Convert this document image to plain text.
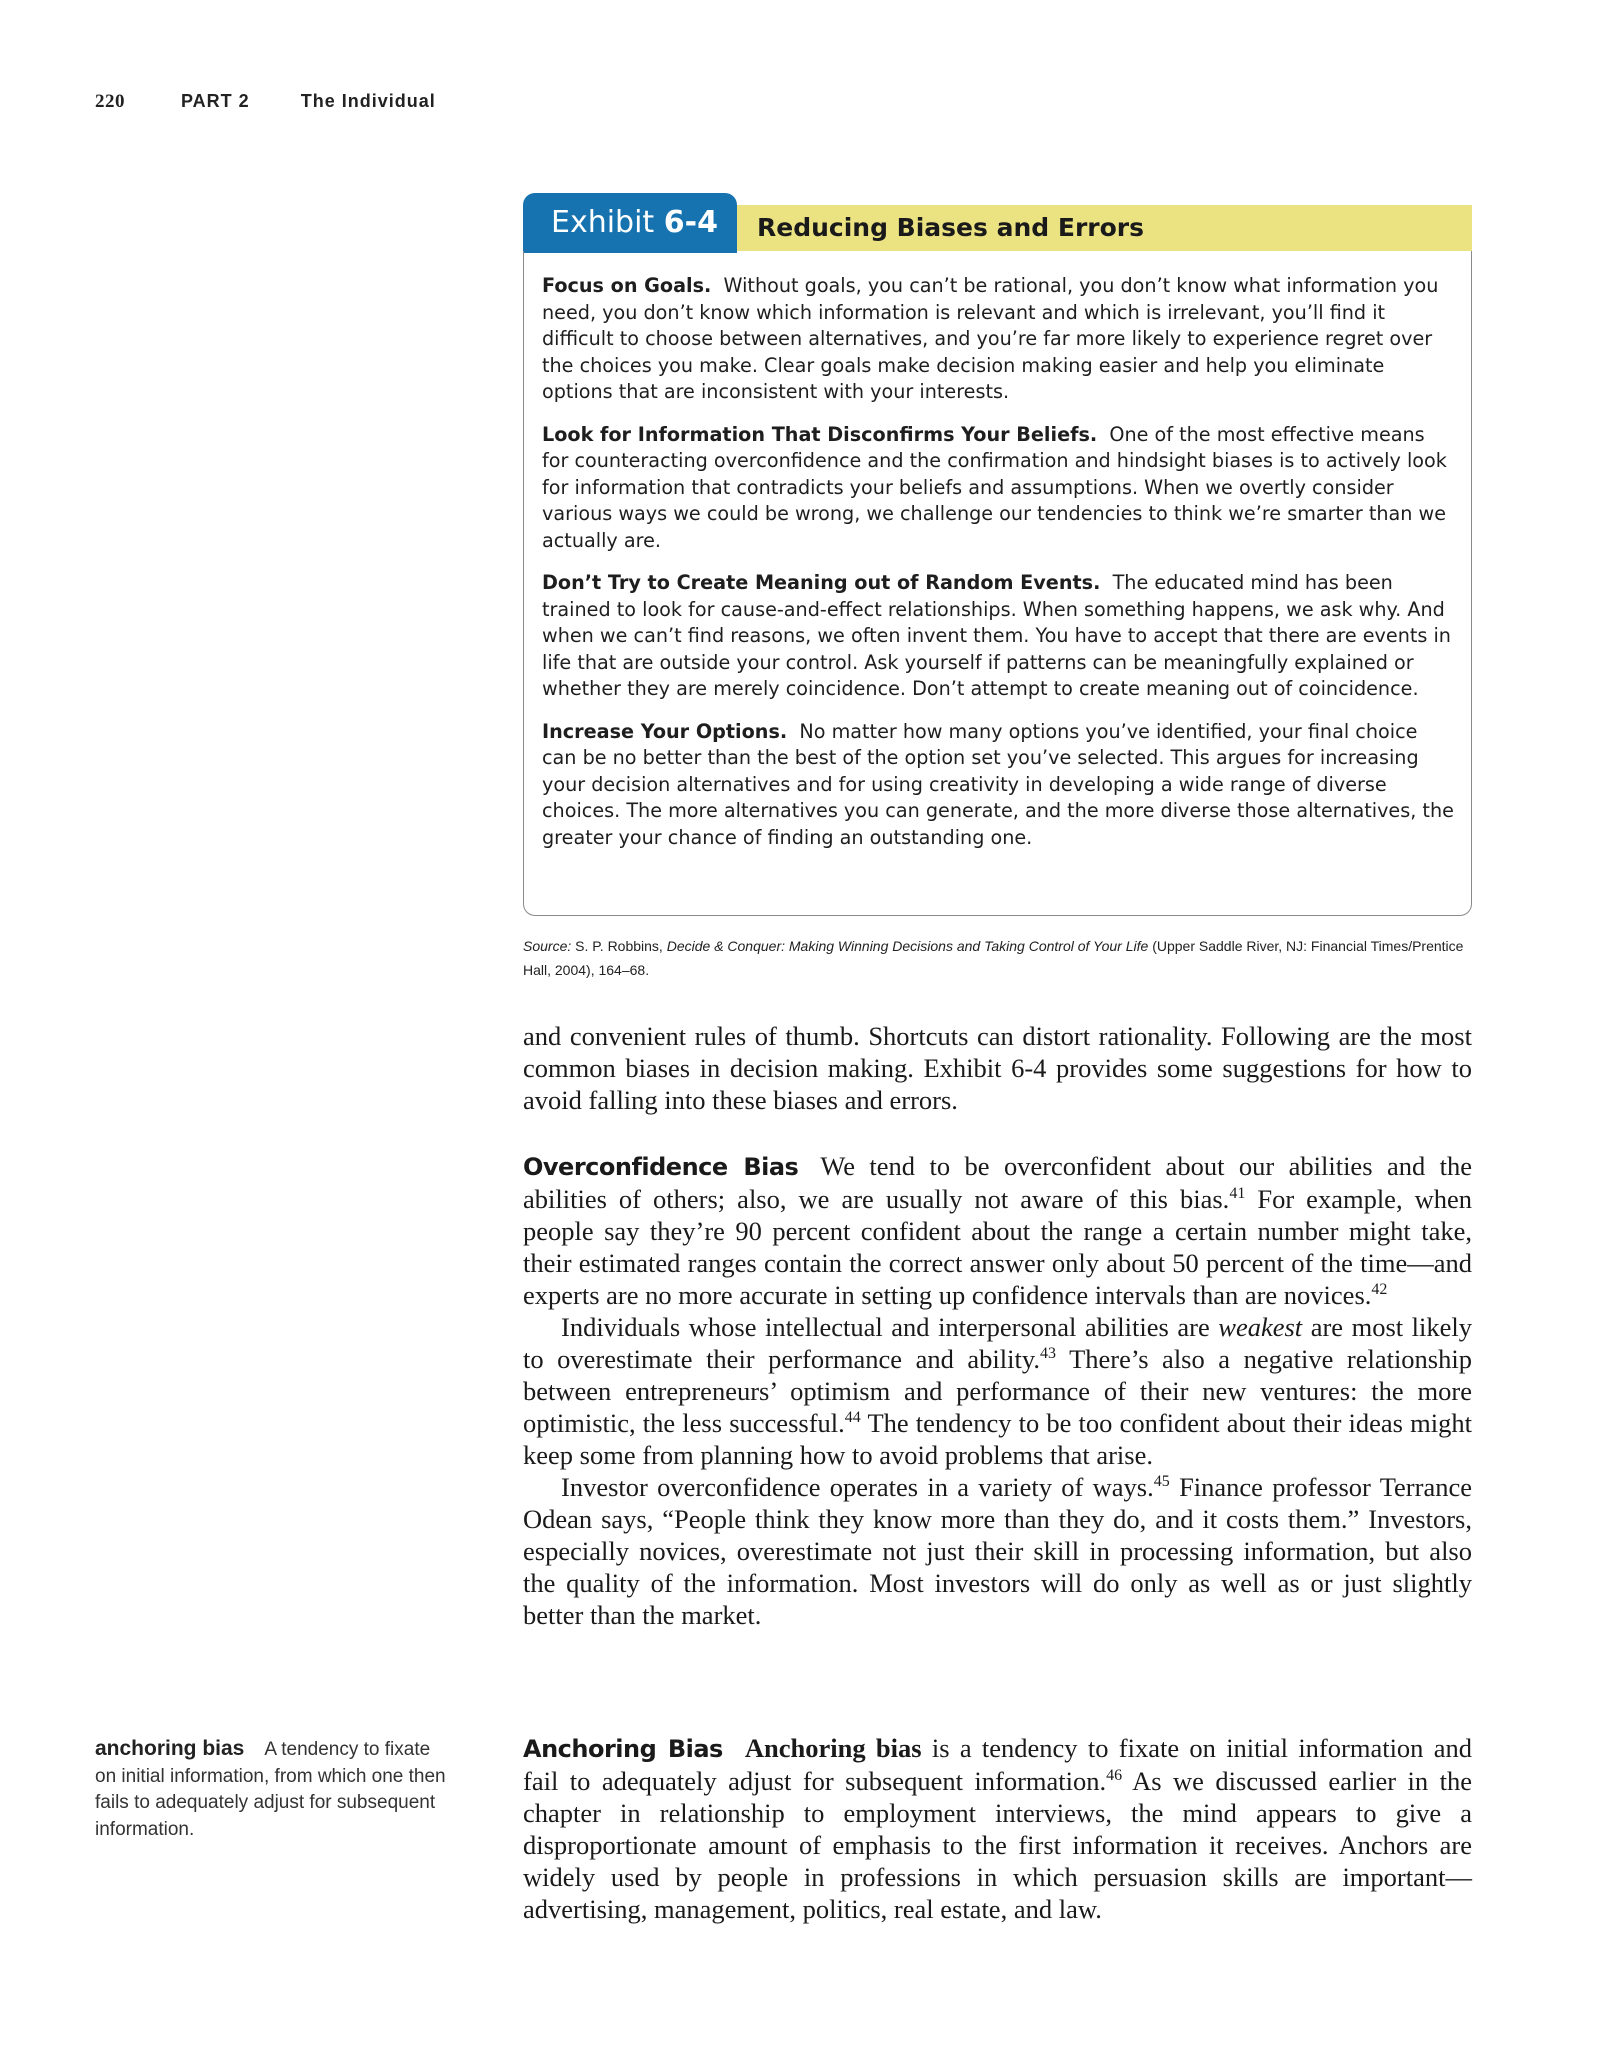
220	PART 2	The Individual
Exhibit 6-4	Reducing Biases and Errors

Focus on Goals. Without goals, you can’t be rational, you don’t know what information you need, you don’t know which information is relevant and which is irrelevant, you’ll find it difficult to choose between alternatives, and you’re far more likely to experience regret over the choices you make. Clear goals make decision making easier and help you eliminate options that are inconsistent with your interests.

Look for Information That Disconfirms Your Beliefs. One of the most effective means for counteracting overconfidence and the confirmation and hindsight biases is to actively look for information that contradicts your beliefs and assumptions. When we overtly consider various ways we could be wrong, we challenge our tendencies to think we’re smarter than we actually are.

Don’t Try to Create Meaning out of Random Events. The educated mind has been trained to look for cause-and-effect relationships. When something happens, we ask why. And when we can’t find reasons, we often invent them. You have to accept that there are events in life that are outside your control. Ask yourself if patterns can be meaningfully explained or whether they are merely coincidence. Don’t attempt to create meaning out of coincidence.

Increase Your Options. No matter how many options you’ve identified, your final choice can be no better than the best of the option set you’ve selected. This argues for increasing your decision alternatives and for using creativity in developing a wide range of diverse choices. The more alternatives you can generate, and the more diverse those alternatives, the greater your chance of finding an outstanding one.

Source: S. P. Robbins, Decide & Conquer: Making Winning Decisions and Taking Control of Your Life (Upper Saddle River, NJ: Financial Times/Prentice Hall, 2004), 164–68.

and convenient rules of thumb. Shortcuts can distort rationality. Following are the most common biases in decision making. Exhibit 6-4 provides some suggestions for how to avoid falling into these biases and errors.

Overconfidence Bias We tend to be overconfident about our abilities and the abilities of others; also, we are usually not aware of this bias.$^{41}$ For example, when people say they’re 90 percent confident about the range a certain number might take, their estimated ranges contain the correct answer only about 50 percent of the time—and experts are no more accurate in setting up confidence intervals than are novices.$^{42}$

Individuals whose intellectual and interpersonal abilities are weakest are most likely to overestimate their performance and ability.$^{43}$ There’s also a negative relationship between entrepreneurs’ optimism and performance of their new ventures: the more optimistic, the less successful.$^{44}$ The tendency to be too confident about their ideas might keep some from planning how to avoid problems that arise.

Investor overconfidence operates in a variety of ways.$^{45}$ Finance professor Terrance Odean says, “People think they know more than they do, and it costs them.” Investors, especially novices, overestimate not just their skill in processing information, but also the quality of the information. Most investors will do only as well as or just slightly better than the market.

Anchoring Bias Anchoring bias is a tendency to fixate on initial information and fail to adequately adjust for subsequent information.$^{46}$ As we discussed earlier in the chapter in relationship to employment interviews, the mind appears to give a disproportionate amount of emphasis to the first information it receives. Anchors are widely used by people in professions in which persuasion skills are important—advertising, management, politics, real estate, and law.

anchoring bias A tendency to fixate on initial information, from which one then fails to adequately adjust for subsequent information.
